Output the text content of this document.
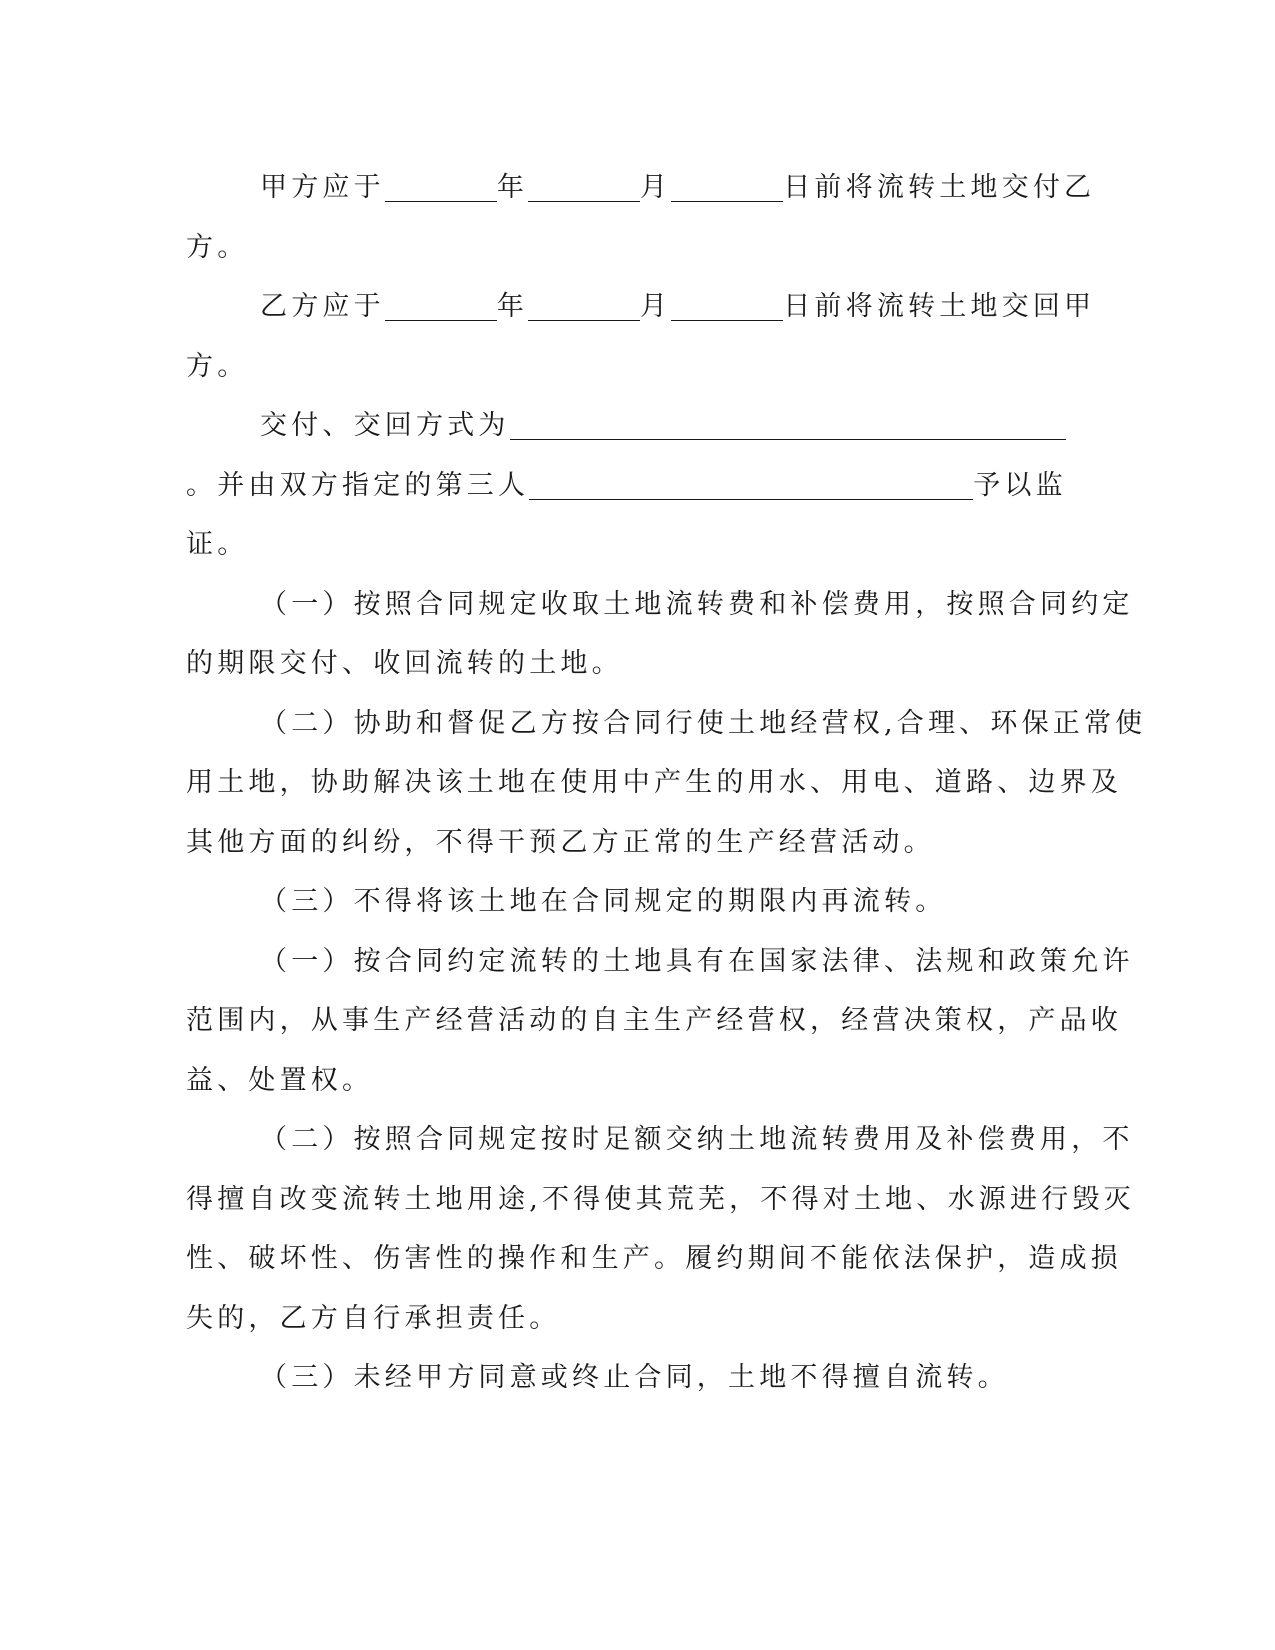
甲方应于	年	月	日前将流转土地交付乙
方。
乙方应于	年	月	日前将流转土地交回甲
方。
交付、交回方式为
。并由双方指定的第三人	予以监
证。
（一）按照合同规定收取土地流转费和补偿费用，按照合同约定
的期限交付、收回流转的土地。
（二）协助和督促乙方按合同行使土地经营权,合理、环保正常使
用土地，协助解决该土地在使用中产生的用水、用电、道路、边界及
其他方面的纠纷，不得干预乙方正常的生产经营活动。
（三）不得将该土地在合同规定的期限内再流转。
（一）按合同约定流转的土地具有在国家法律、法规和政策允许
范围内，从事生产经营活动的自主生产经营权，经营决策权，产品收
益、处置权。
（二）按照合同规定按时足额交纳土地流转费用及补偿费用，不
得擅自改变流转土地用途,不得使其荒芜，不得对土地、水源进行毁灭
性、破坏性、伤害性的操作和生产。履约期间不能依法保护，造成损
失的，乙方自行承担责任。
（三）未经甲方同意或终止合同，土地不得擅自流转。
